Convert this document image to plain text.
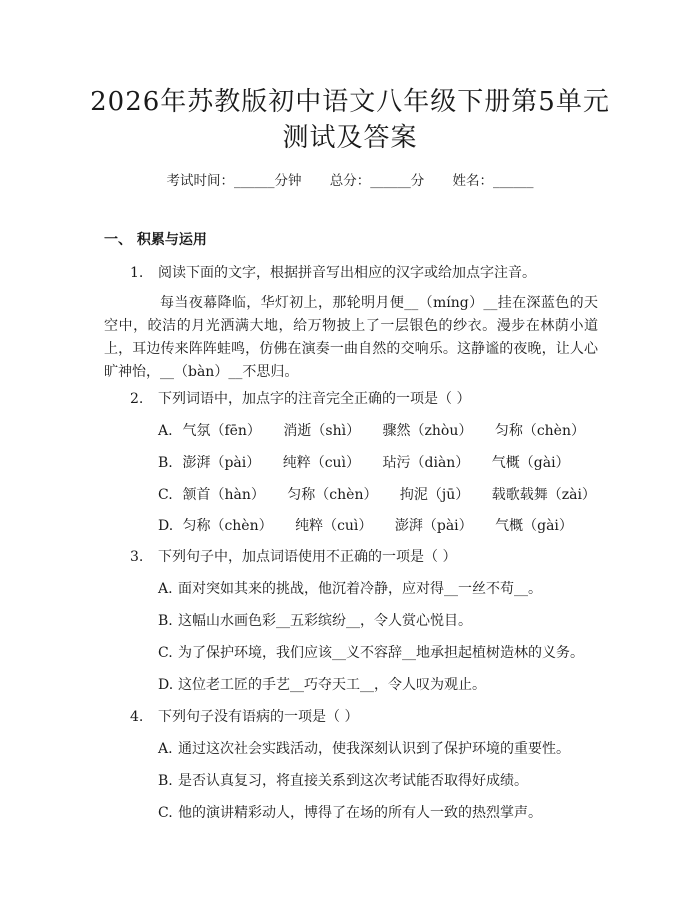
2026年苏教版初中语文八年级下册第5单元
测试及答案
考试时间：______分钟 总分：______分 姓名：______
一、 积累与运用
1. 阅读下面的文字，根据拼音写出相应的汉字或给加点字注音。
每当夜幕降临，华灯初上，那轮明月便__（míng）__挂在深蓝色的天空中，皎洁的月光洒满大地，给万物披上了一层银色的纱衣。漫步在林荫小道上，耳边传来阵阵蛙鸣，仿佛在演奏一曲自然的交响乐。这静谧的夜晚，让人心旷神怡，__（bàn）__不思归。
2. 下列词语中，加点字的注音完全正确的一项是（ ）
A. 气氛（fēn） 消逝（shì） 骤然（zhòu） 匀称（chèn）
B. 澎湃（pài） 纯粹（cuì） 玷污（diàn） 气概（gài）
C. 颔首（hàn） 匀称（chèn） 拘泥（jū） 载歌载舞（zài）
D. 匀称（chèn） 纯粹（cuì） 澎湃（pài） 气概（gài）
3. 下列句子中，加点词语使用不正确的一项是（ ）
A. 面对突如其来的挑战，他沉着冷静，应对得__一丝不苟__。
B. 这幅山水画色彩__五彩缤纷__，令人赏心悦目。
C. 为了保护环境，我们应该__义不容辞__地承担起植树造林的义务。
D. 这位老工匠的手艺__巧夺天工__，令人叹为观止。
4. 下列句子没有语病的一项是（ ）
A. 通过这次社会实践活动，使我深刻认识到了保护环境的重要性。
B. 是否认真复习，将直接关系到这次考试能否取得好成绩。
C. 他的演讲精彩动人，博得了在场的所有人一致的热烈掌声。
